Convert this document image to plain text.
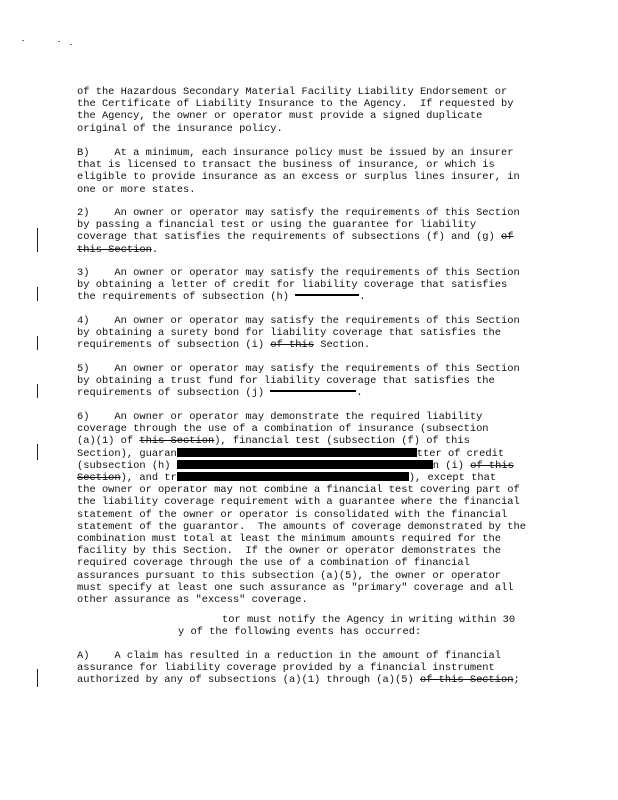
of the Hazardous Secondary Material Facility Liability Endorsement or
the Certificate of Liability Insurance to the Agency.  If requested by
the Agency, the owner or operator must provide a signed duplicate
original of the insurance policy.
B)    At a minimum, each insurance policy must be issued by an insurer
that is licensed to transact the business of insurance, or which is
eligible to provide insurance as an excess or surplus lines insurer, in
one or more states.
2)    An owner or operator may satisfy the requirements of this Section
by passing a financial test or using the guarantee for liability
coverage that satisfies the requirements of subsections (f) and (g) of
this Section.
3)    An owner or operator may satisfy the requirements of this Section
by obtaining a letter of credit for liability coverage that satisfies
the requirements of subsection (h)	.
4)    An owner or operator may satisfy the requirements of this Section
by obtaining a surety bond for liability coverage that satisfies the
requirements of subsection (i) of this Section.
5)    An owner or operator may satisfy the requirements of this Section
by obtaining a trust fund for liability coverage that satisfies the
requirements of subsection (j)	.
6)    An owner or operator may demonstrate the required liability
coverage through the use of a combination of insurance (subsection
(a)(1) of this Section), financial test (subsection (f) of this
Section), guaran	tter of credit
(subsection (h)	n (i) of this
Section), and tr	), except that
the owner or operator may not combine a financial test covering part of
the liability coverage requirement with a guarantee where the financial
statement of the owner or operator is consolidated with the financial
statement of the guarantor.  The amounts of coverage demonstrated by the
combination must total at least the minimum amounts required for the
facility by this Section.  If the owner or operator demonstrates the
required coverage through the use of a combination of financial
assurances pursuant to this subsection (a)(5), the owner or operator
must specify at least one such assurance as "primary" coverage and all
other assurance as "excess" coverage.
tor must notify the Agency in writing within 30
y of the following events has occurred:
A)    A claim has resulted in a reduction in the amount of financial
assurance for liability coverage provided by a financial instrument
authorized by any of subsections (a)(1) through (a)(5) of this Section;
